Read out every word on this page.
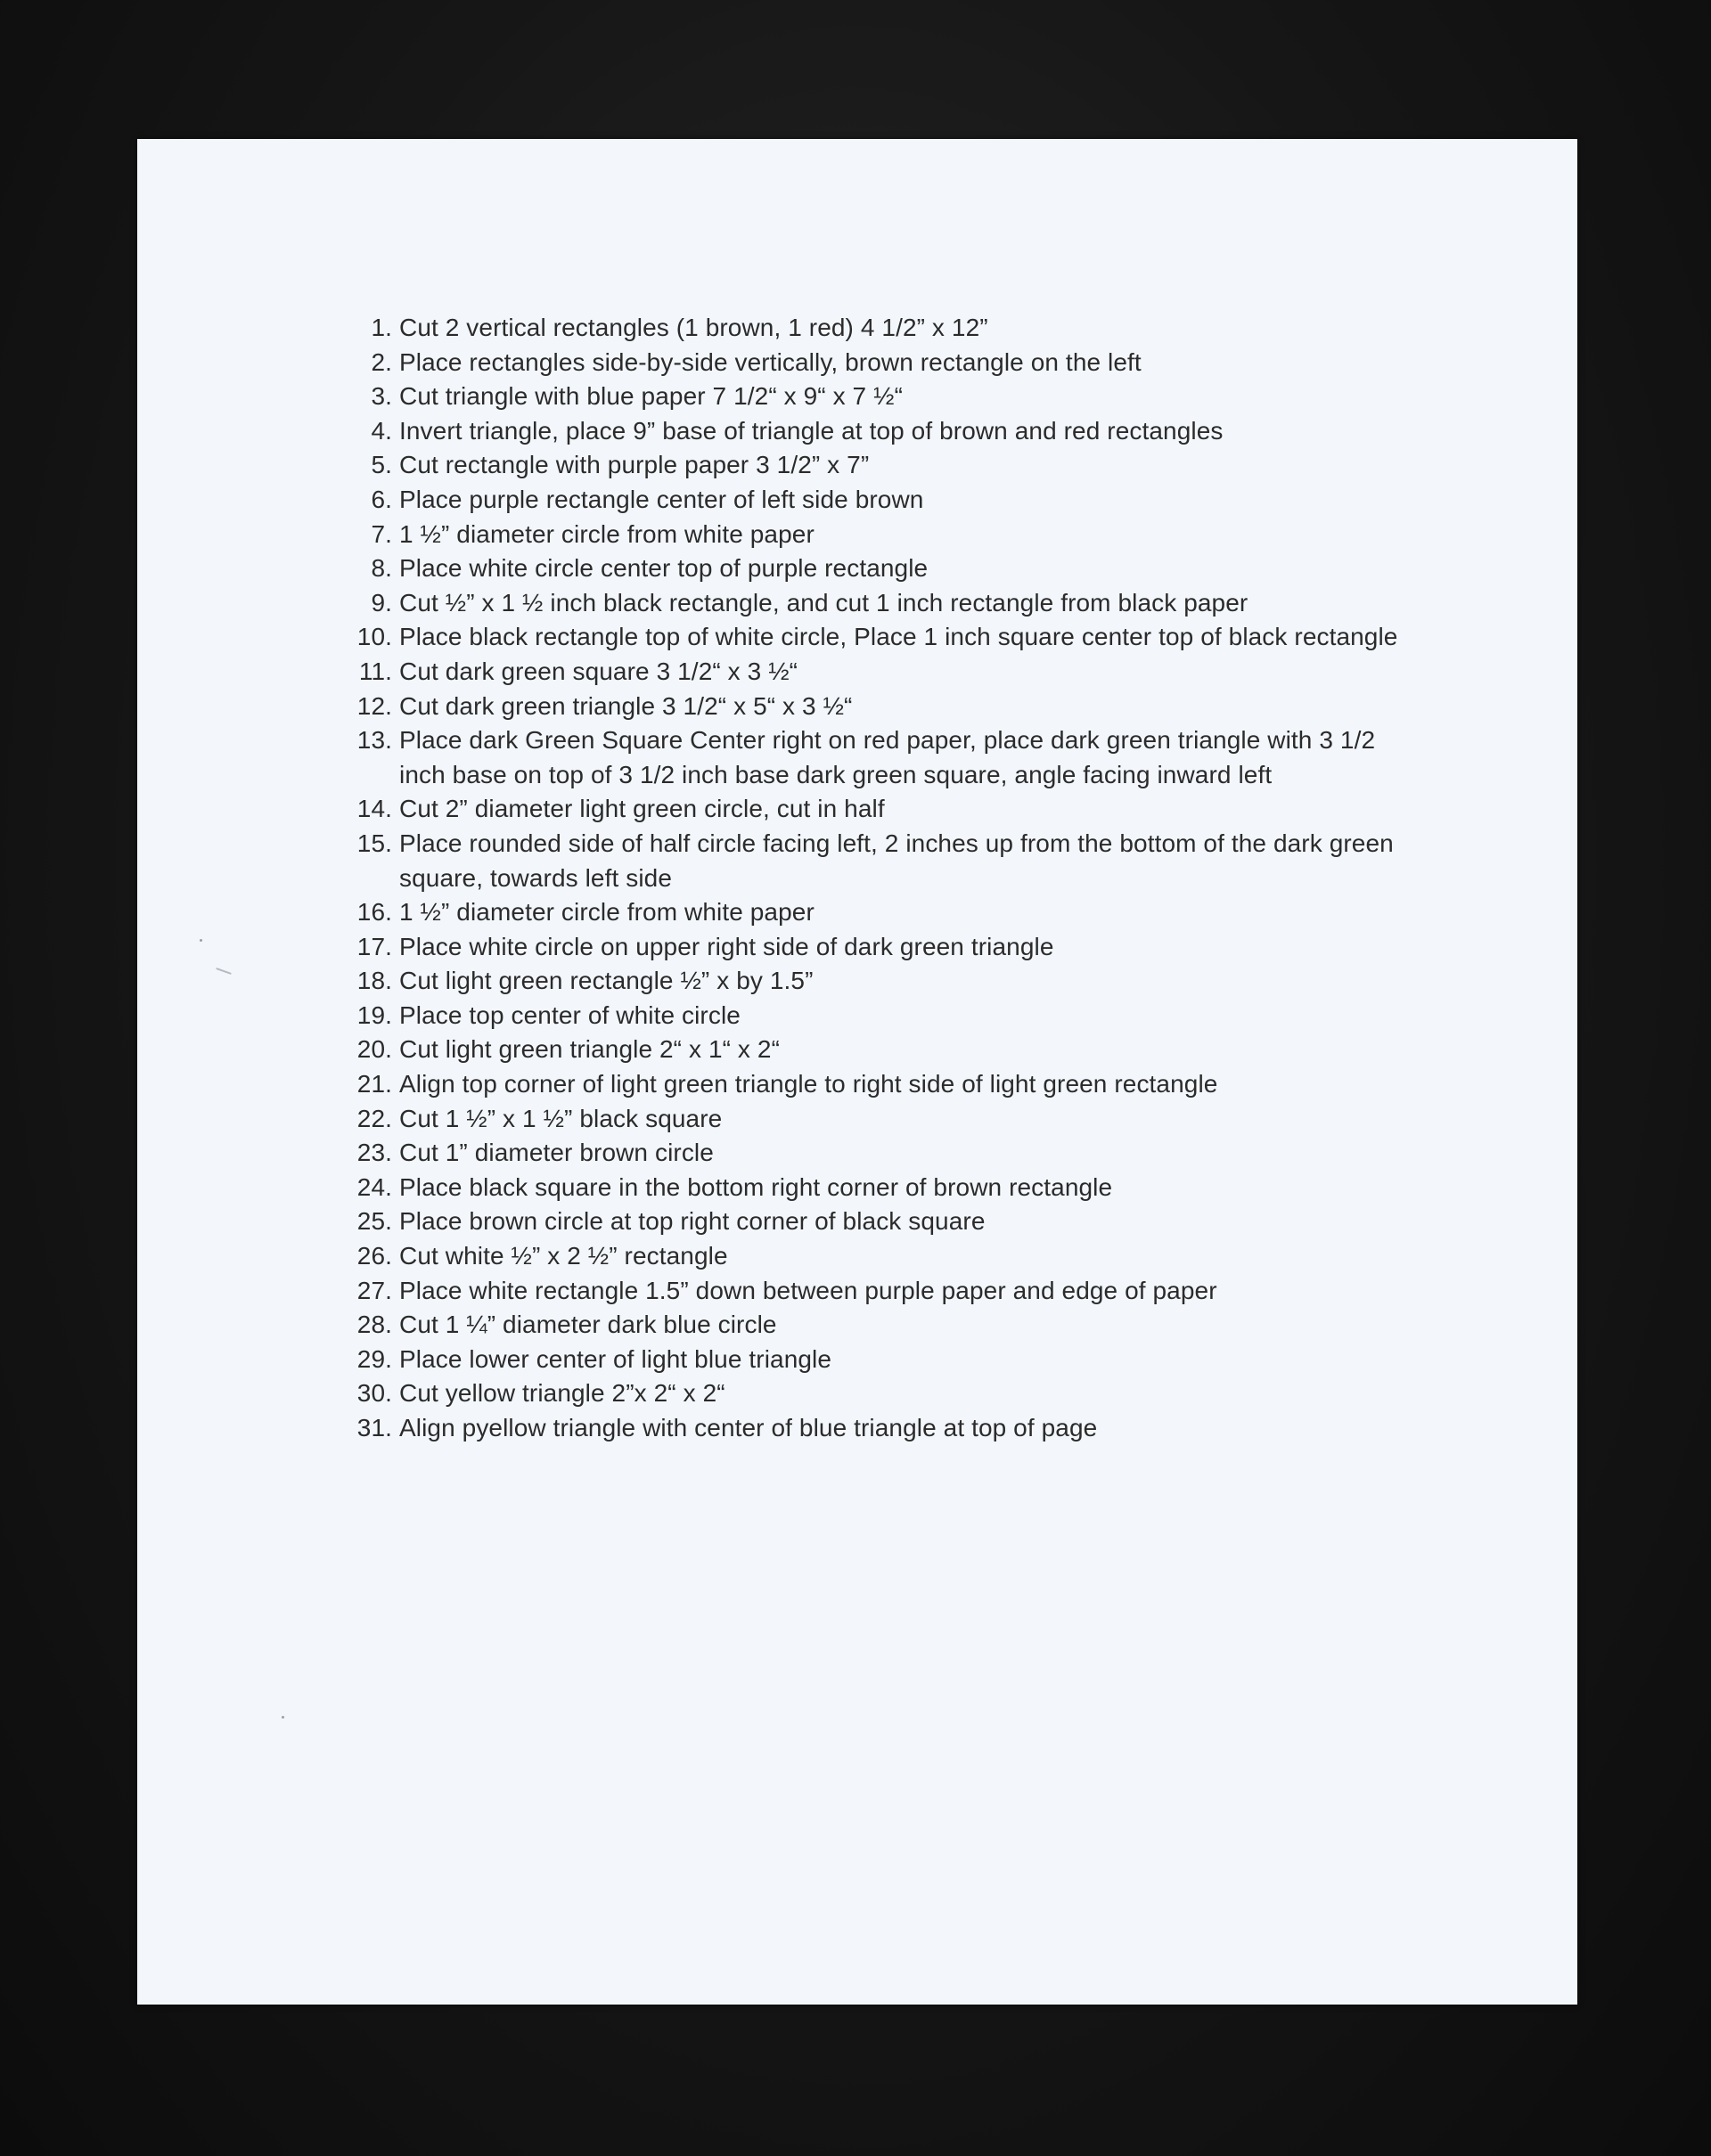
1. Cut 2 vertical rectangles (1 brown, 1 red) 4 1/2” x 12”
2. Place rectangles side-by-side vertically, brown rectangle on the left
3. Cut triangle with blue paper 7 1/2“ x 9“ x 7 ½“
4. Invert triangle, place 9” base of triangle at top of brown and red rectangles
5. Cut rectangle with purple paper 3 1/2” x 7”
6. Place purple rectangle center of left side brown
7. 1 ½” diameter circle from white paper
8. Place white circle center top of purple rectangle
9. Cut ½” x 1 ½ inch black rectangle, and cut 1 inch rectangle from black paper
10. Place black rectangle top of white circle, Place 1 inch square center top of black rectangle
11. Cut dark green square 3 1/2“ x 3 ½“
12. Cut dark green triangle 3 1/2“ x 5“ x 3 ½“
13. Place dark Green Square Center right on red paper, place dark green triangle with 3 1/2 inch base on top of 3 1/2 inch base dark green square, angle facing inward left
14. Cut 2” diameter light green circle, cut in half
15. Place rounded side of half circle facing left, 2 inches up from the bottom of the dark green square, towards left side
16. 1 ½” diameter circle from white paper
17. Place white circle on upper right side of dark green triangle
18. Cut light green rectangle ½” x by 1.5”
19. Place top center of white circle
20. Cut light green triangle 2“ x 1“ x 2“
21. Align top corner of light green triangle to right side of light green rectangle
22. Cut 1 ½” x 1 ½” black square
23. Cut 1” diameter brown circle
24. Place black square in the bottom right corner of brown rectangle
25. Place brown circle at top right corner of black square
26. Cut white ½” x 2 ½” rectangle
27. Place white rectangle 1.5” down between purple paper and edge of paper
28. Cut 1 ¼” diameter dark blue circle
29. Place lower center of light blue triangle
30. Cut yellow triangle 2”x 2“ x 2“
31. Align pyellow triangle with center of blue triangle at top of page
